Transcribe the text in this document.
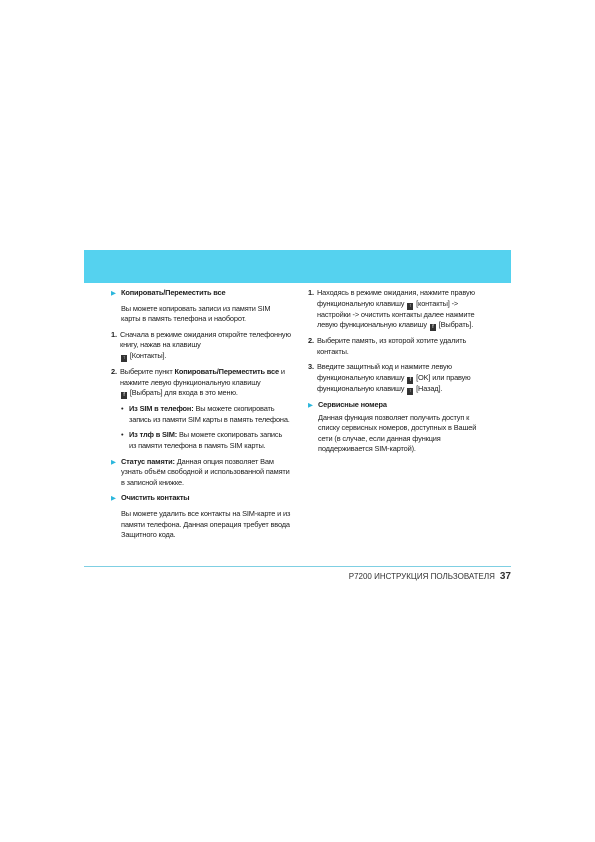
▶ Копировать/Переместить все
Вы можете копировать записи из памяти SIM карты в память телефона и наоборот.
1. Сначала в режиме ожидания откройте телефонную книгу, нажав на клавишу
↑ [Контакты].
2. Выберите пункт Копировать/Переместить все и нажмите левую функциональную клавишу
f [Выбрать] для входа в это меню.
• Из SIM в телефон: Вы можете скопировать запись из памяти SIM карты в память телефона.
• Из тлф в SIM: Вы можете скопировать запись из памяти телефона в память SIM карты.
▶ Статус памяти: Данная опция позволяет Вам узнать объём свободной и использованной памяти в записной книжке.
▶ Очистить контакты
Вы можете удалить все контакты на SIM-карте и из памяти телефона. Данная операция требует ввода Защитного кода.
1. Находясь в режиме ожидания, нажмите правую функциональную клавишу ↑ [контакты] -> настройки -> очистить контакты далее нажмите левую функциональную клавишу f [Выбрать].
2. Выберите память, из которой хотите удалить контакты.
3. Введите защитный код и нажмите левую функциональную клавишу f [OK] или правую функциональную клавишу ↑ [Назад].
▶ Сервисные номера
Данная функция позволяет получить доступ к списку сервисных номеров, доступных в Вашей сети (в случае, если данная функция поддерживается SIM-картой).
P7200 ИНСТРУКЦИЯ ПОЛЬЗОВАТЕЛЯ 37
